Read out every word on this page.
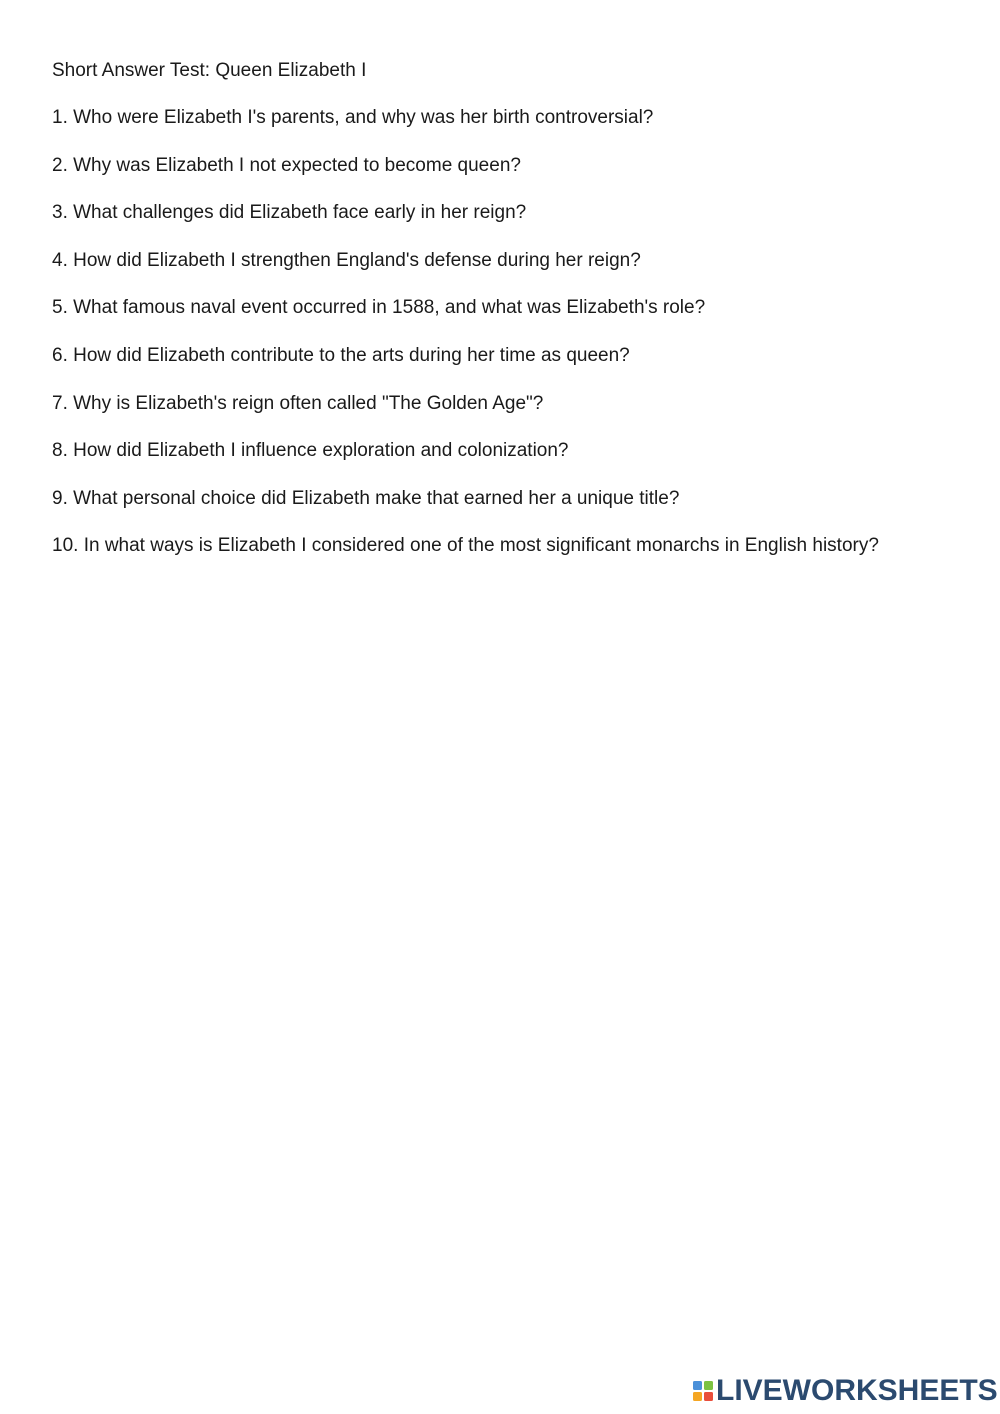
Short Answer Test: Queen Elizabeth I
1. Who were Elizabeth I's parents, and why was her birth controversial?
2. Why was Elizabeth I not expected to become queen?
3. What challenges did Elizabeth face early in her reign?
4. How did Elizabeth I strengthen England's defense during her reign?
5. What famous naval event occurred in 1588, and what was Elizabeth's role?
6. How did Elizabeth contribute to the arts during her time as queen?
7. Why is Elizabeth's reign often called "The Golden Age"?
8. How did Elizabeth I influence exploration and colonization?
9. What personal choice did Elizabeth make that earned her a unique title?
10. In what ways is Elizabeth I considered one of the most significant monarchs in English history?
LIVEWORKSHEETS
